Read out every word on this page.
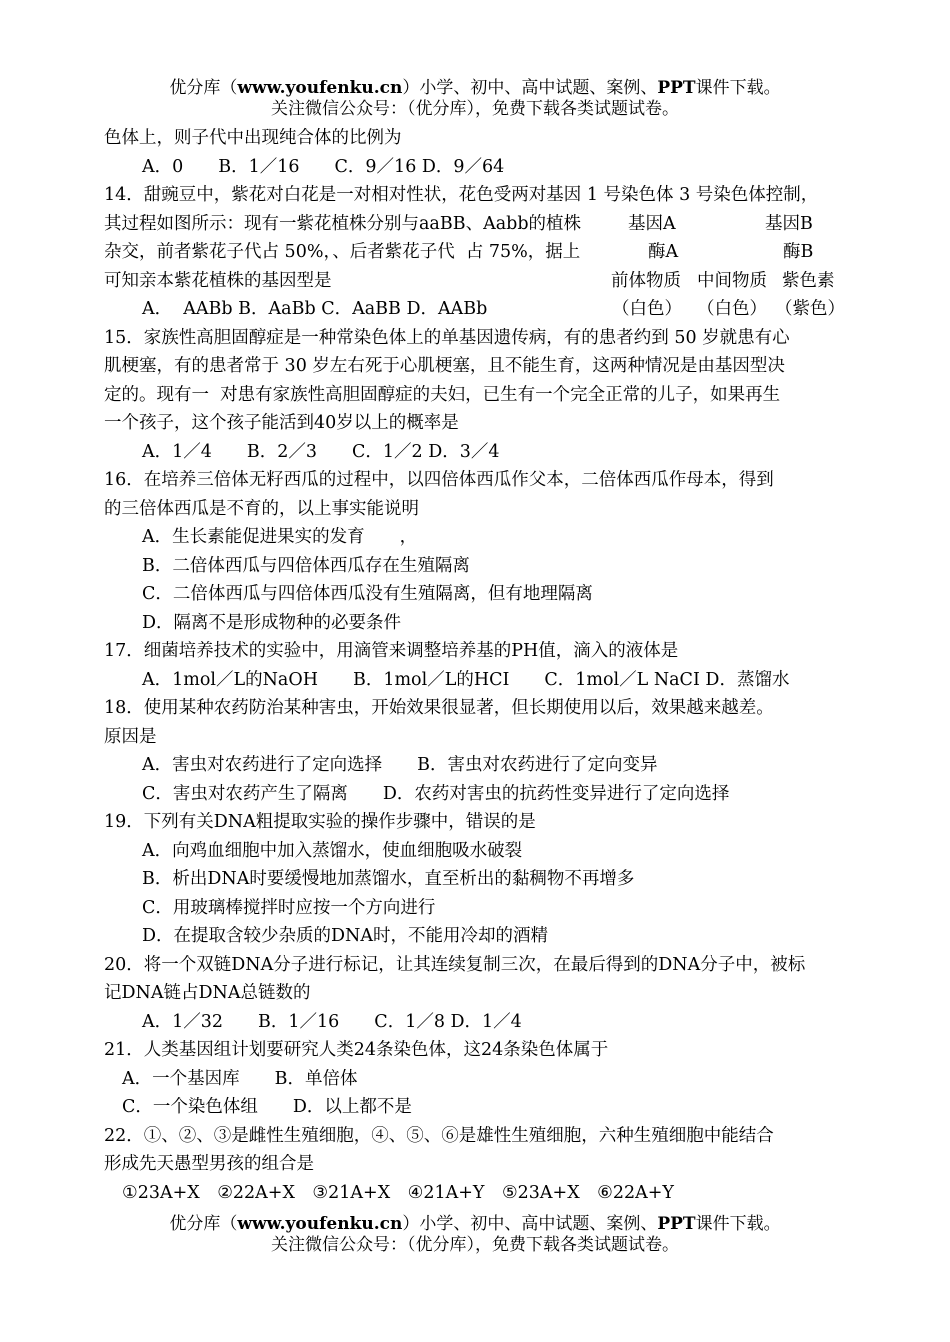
优分库（www.youfenku.cn）小学、初中、高中试题、案例、PPT课件下载。
关注微信公众号：（优分库），免费下载各类试题试卷。
色体上，则子代中出现纯合体的比例为
A．0　　B．1／16　　C．9／16 D．9／64
14．甜豌豆中，紫花对白花是一对相对性状，花色受两对基因 1 号染色体 3 号染色体控制，
其过程如图所示：现有一紫花植株分别与aaBB、Aabb的植株
杂交，前者紫花子代占 50%，、后者紫花子代  占 75%，据上
可知亲本紫花植株的基因型是
A．  AABb B．AaBb C．AaBB D．AABb
基因A	基因B
酶A	酶B
前体物质 中间物质 紫色素
（白色） （白色） （紫色）
15．家族性高胆固醇症是一种常染色体上的单基因遗传病，有的患者约到 50 岁就患有心
肌梗塞，有的患者常于 30 岁左右死于心肌梗塞，且不能生育，这两种情况是由基因型决
定的。现有一  对患有家族性高胆固醇症的夫妇，已生有一个完全正常的儿子，如果再生
一个孩子，这个孩子能活到40岁以上的概率是
A．1／4　　B．2／3　　C．1／2 D．3／4
16．在培养三倍体无籽西瓜的过程中，以四倍体西瓜作父本，二倍体西瓜作母本，得到
的三倍体西瓜是不育的，以上事实能说明
A．生长素能促进果实的发育　　，
B．二倍体西瓜与四倍体西瓜存在生殖隔离
C．二倍体西瓜与四倍体西瓜没有生殖隔离，但有地理隔离
D．隔离不是形成物种的必要条件
17．细菌培养技术的实验中，用滴管来调整培养基的PH值，滴入的液体是
A．1mol／L的NaOH　　B．1mol／L的HCI　　C．1mol／L NaCI D．蒸馏水
18．使用某种农药防治某种害虫，开始效果很显著，但长期使用以后，效果越来越差。
原因是
A．害虫对农药进行了定向选择　　B．害虫对农药进行了定向变异
C．害虫对农药产生了隔离　　D．农药对害虫的抗药性变异进行了定向选择
19．下列有关DNA粗提取实验的操作步骤中，错误的是
A．向鸡血细胞中加入蒸馏水，使血细胞吸水破裂
B．析出DNA时要缓慢地加蒸馏水，直至析出的黏稠物不再增多
C．用玻璃棒搅拌时应按一个方向进行
D．在提取含较少杂质的DNA时，不能用冷却的酒精
20．将一个双链DNA分子进行标记，让其连续复制三次，在最后得到的DNA分子中，被标
记DNA链占DNA总链数的
A．1／32　　B．1／16　　C．1／8 D．1／4
21．人类基因组计划要研究人类24条染色体，这24条染色体属于
A．一个基因库　　B．单倍体
C．一个染色体组　　D．以上都不是
22．①、②、③是雌性生殖细胞，④、⑤、⑥是雄性生殖细胞，六种生殖细胞中能结合
形成先天愚型男孩的组合是
①23A+X　②22A+X　③21A+X　④21A+Y　⑤23A+X　⑥22A+Y
优分库（www.youfenku.cn）小学、初中、高中试题、案例、PPT课件下载。
关注微信公众号：（优分库），免费下载各类试题试卷。
